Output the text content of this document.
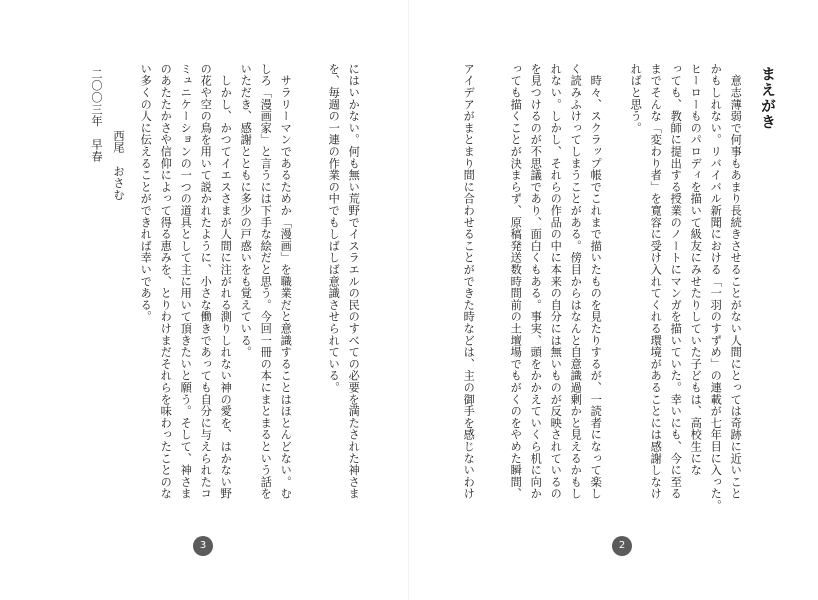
まえがき
　意志薄弱で何事もあまり長続きさせることがない人間にとっては奇跡に近いこと
かもしれない。リバイバル新聞における「一羽のすずめ」の連載が七年目に入った。
ヒーローものパロディを描いて級友にみせたりしていた子どもは、高校生にな
っても、教師に提出する授業のノートにマンガを描いていた。幸いにも、今に至る
までそんな「変わり者」を寛容に受け入れてくれる環境があることには感謝しなけ
ればと思う。
　時々、スクラップ帳でこれまで描いたものを見たりするが、一読者になって楽し
く読みふけってしまうことがある。傍目からはなんと自意識過剰かと見えるかもし
れない。しかし、それらの作品の中に本来の自分には無いものが反映されているの
を見つけるのが不思議であり、面白くもある。事実、頭をかかえていくら机に向か
っても描くことが決まらず、原稿発送数時間前の土壇場でもがくのをやめた瞬間、
アイデアがまとまり間に合わせることができた時などは、主の御手を感じないわけ
2
にはいかない。何も無い荒野でイスラエルの民のすべての必要を満たされた神さま
を、毎週の一連の作業の中でもしばしば意識させられている。
　サラリーマンであるためか「漫画」を職業だと意識することはほとんどない。む
しろ「漫画家」と言うには下手な絵だと思う。今回一冊の本にまとまるという話を
いただき、感謝とともに多少の戸惑いをも覚えている。
　しかし、かつてイエスさまが人間に注がれる測りしれない神の愛を、はかない野
の花や空の鳥を用いて説かれたように、小さな働きであっても自分に与えられたコ
ミュニケーションの一つの道具として主に用いて頂きたいと願う。そして、神さま
のあたたかさや信仰によって得る恵みを、とりわけまだそれらを味わったことのな
い多くの人に伝えることができれば幸いである。
西尾　おさむ
二〇〇三年　早春
3
